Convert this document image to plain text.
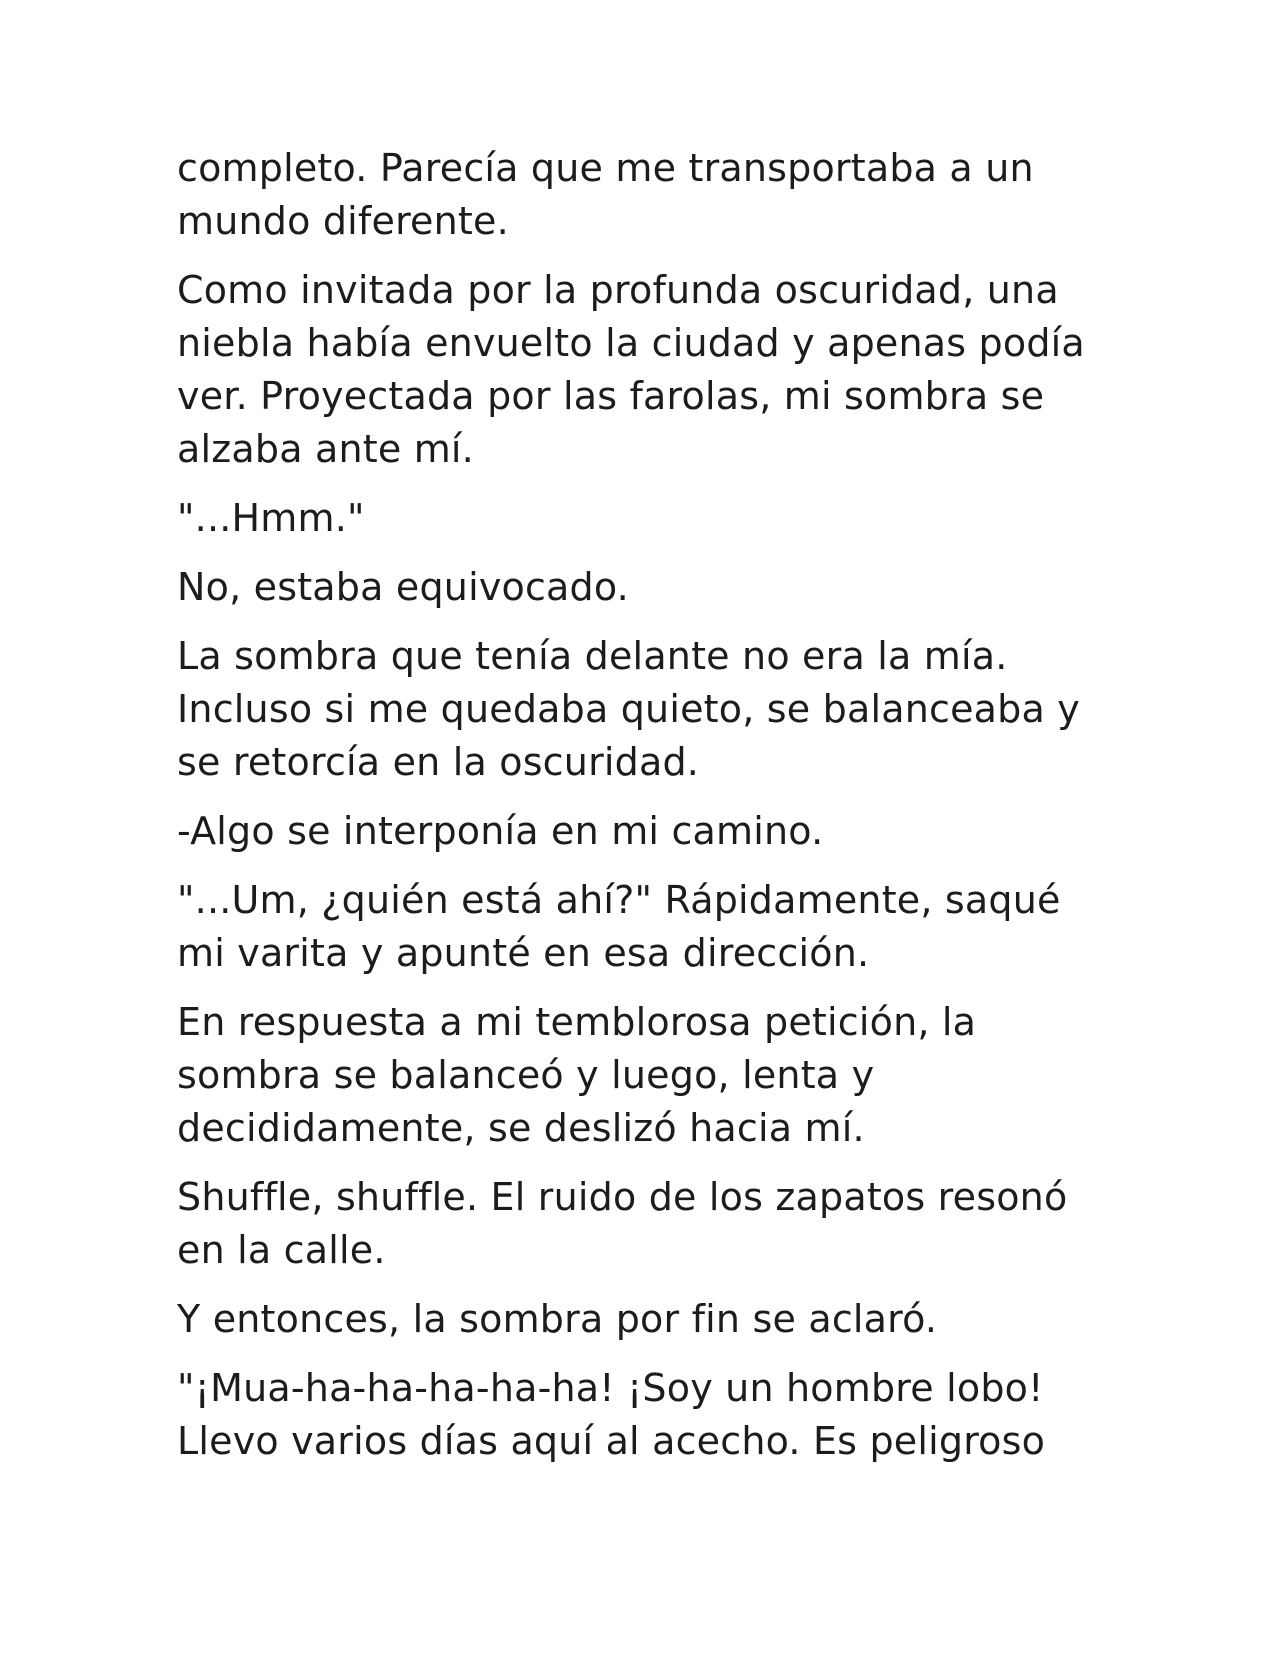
completo. Parecía que me transportaba a un
mundo diferente.

Como invitada por la profunda oscuridad, una
niebla había envuelto la ciudad y apenas podía
ver. Proyectada por las farolas, mi sombra se
alzaba ante mí.

"...Hmm."

No, estaba equivocado.

La sombra que tenía delante no era la mía.
Incluso si me quedaba quieto, se balanceaba y
se retorcía en la oscuridad.

-Algo se interponía en mi camino.

"...Um, ¿quién está ahí?" Rápidamente, saqué
mi varita y apunté en esa dirección.

En respuesta a mi temblorosa petición, la
sombra se balanceó y luego, lenta y
decididamente, se deslizó hacia mí.

Shuffle, shuffle. El ruido de los zapatos resonó
en la calle.

Y entonces, la sombra por fin se aclaró.

"¡Mua-ha-ha-ha-ha-ha! ¡Soy un hombre lobo!
Llevo varios días aquí al acecho. Es peligroso
